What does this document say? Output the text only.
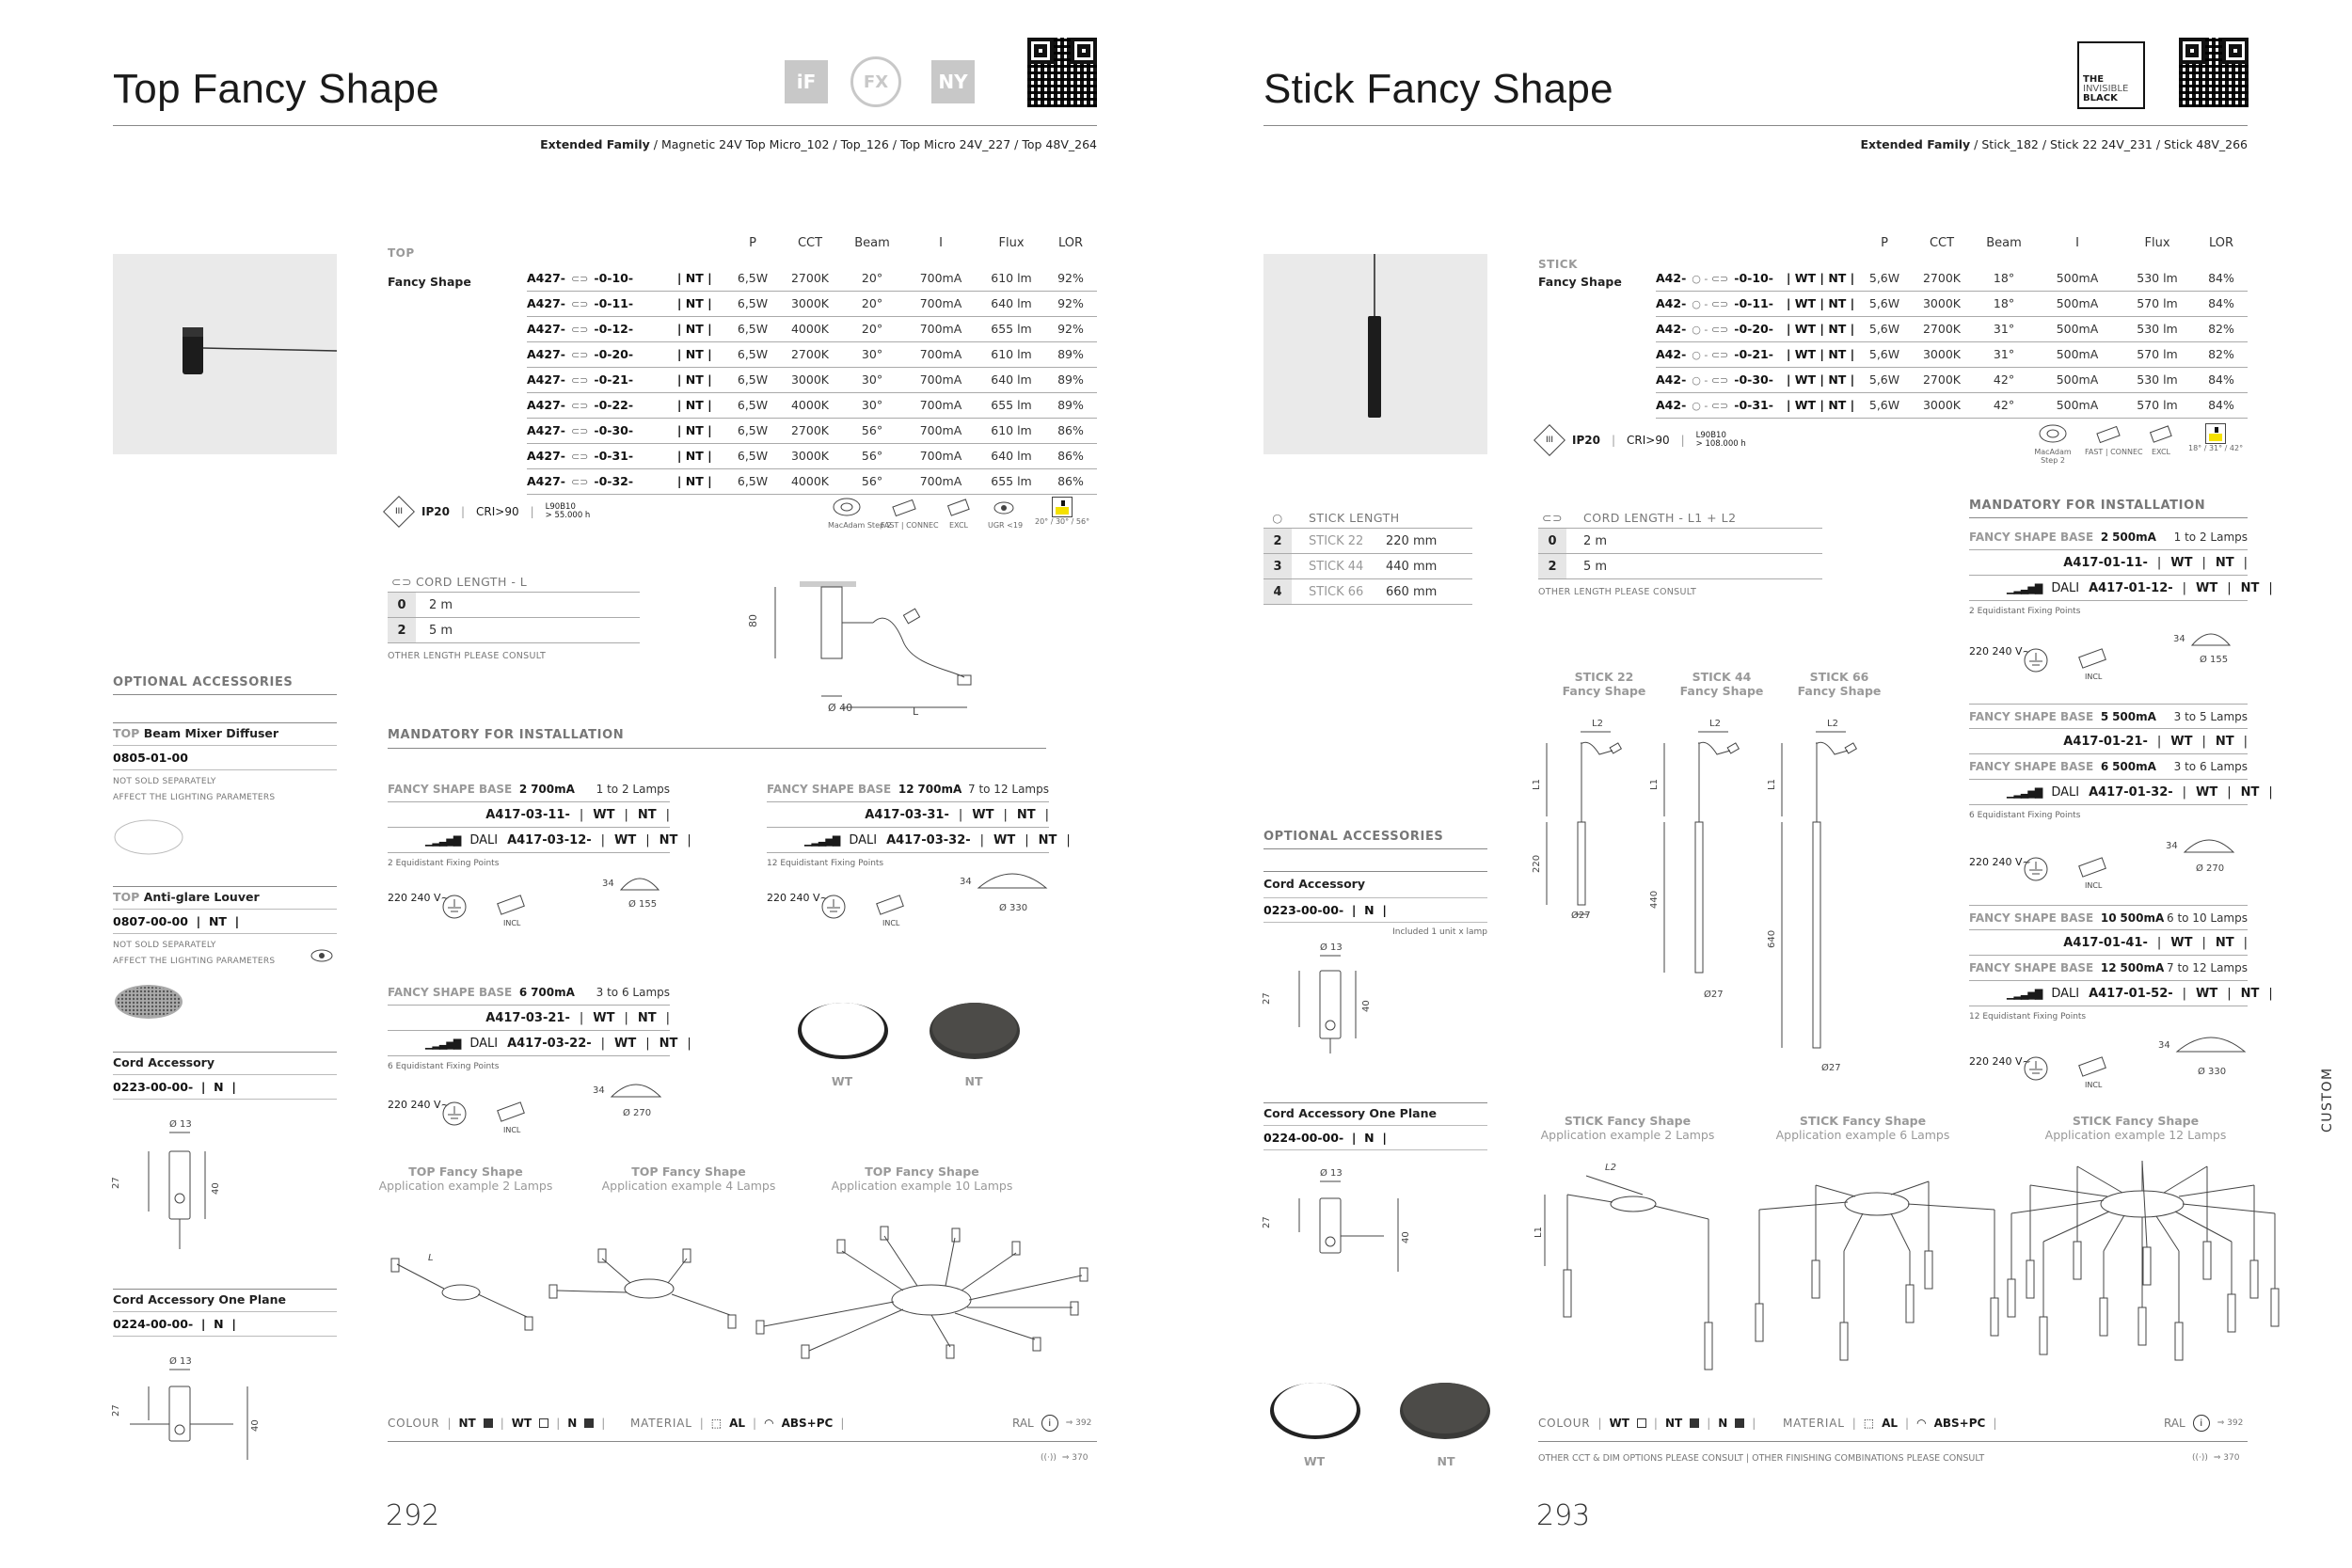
Top Fancy Shape	iF	FX	NY
Extended Family / Magnetic 24V Top Micro_102 / Top_126 / Top Micro 24V_227 / Top 48V_264
TOP
Fancy Shape
		P	CCT	Beam	I	Flux	LOR
A427- ⊂⊃ -0-10-	| NT |			6,5W	2700K	20°	700mA	610 lm	92%
A427- ⊂⊃ -0-11-	| NT |			6,5W	3000K	20°	700mA	640 lm	92%
A427- ⊂⊃ -0-12-	| NT |			6,5W	4000K	20°	700mA	655 lm	92%
A427- ⊂⊃ -0-20-	| NT |			6,5W	2700K	30°	700mA	610 lm	89%
A427- ⊂⊃ -0-21-	| NT |			6,5W	3000K	30°	700mA	640 lm	89%
A427- ⊂⊃ -0-22-	| NT |			6,5W	4000K	30°	700mA	655 lm	89%
A427- ⊂⊃ -0-30-	| NT |			6,5W	2700K	56°	700mA	610 lm	86%
A427- ⊂⊃ -0-31-	| NT |			6,5W	3000K	56°	700mA	640 lm	86%
A427- ⊂⊃ -0-32-	| NT |			6,5W	4000K	56°	700mA	655 lm	86%
III IP20 | CRI>90 | L90B10
> 55.000 h
MacAdam Step 2
FAST | CONNEC	EXCL	UGR <19 20° / 30° / 56°
⊂⊃ CORD LENGTH - L
0	2 m
2	5 m
OTHER LENGTH PLEASE CONSULT
80
Ø 40	L
MANDATORY FOR INSTALLATION
FANCY SHAPE BASE
2
700mA 1 to 2 Lamps
A417-03-11- | WT | NT |
▁▂▃▅▇ DALI A417-03-12- | WT | NT |
2 Equidistant Fixing Points
FANCY SHAPE BASE
12
700mA 7 to 12 Lamps
A417-03-31- | WT | NT |
▁▂▃▅▇ DALI A417-03-32- | WT | NT |
12 Equidistant Fixing Points
FANCY SHAPE BASE
6
700mA 3 to 6 Lamps
A417-03-21- | WT | NT |
▁▂▃▅▇ DALI A417-03-22- | WT | NT |
6 Equidistant Fixing Points
220 240 V~
INCL
34
Ø 155
220 240 V~
INCL
34
Ø 330
220 240 V~
INCL
34
Ø 270
WT	NT
TOP Fancy Shape
Application example 2 Lamps
TOP Fancy Shape
Application example 4 Lamps
TOP Fancy Shape
Application example 10 Lamps
L
COLOUR | NT | WT | N | MATERIAL | ⬚ AL | ◠ ABS+PC |	RAL	i	⇒ 392
((·)) ⇒ 370
292
OPTIONAL ACCESSORIES
TOP Beam Mixer Diffuser
0805-01-00
NOT SOLD SEPARATELY
AFFECT THE LIGHTING PARAMETERS
TOP Anti-glare Louver
0807-00-00  |  NT  |
NOT SOLD SEPARATELY
AFFECT THE LIGHTING PARAMETERS
Cord Accessory
0223-00-00-  |  N  |
Ø 13
27	40
Cord Accessory One Plane
0224-00-00-  |  N  |
Ø 13
27
40
Stick Fancy Shape	THE
INVISIBLE
BLACK
Extended Family / Stick_182 / Stick 22 24V_231 / Stick 48V_266
STICK
Fancy Shape
		P	CCT	Beam	I	Flux	LOR
A42- ○ - ⊂⊃ -0-10-	| WT | NT |			5,6W	2700K	18°	500mA	530 lm	84%
A42- ○ - ⊂⊃ -0-11-	| WT | NT |			5,6W	3000K	18°	500mA	570 lm	84%
A42- ○ - ⊂⊃ -0-20-	| WT | NT |			5,6W	2700K	31°	500mA	530 lm	82%
A42- ○ - ⊂⊃ -0-21-	| WT | NT |			5,6W	3000K	31°	500mA	570 lm	82%
A42- ○ - ⊂⊃ -0-30-	| WT | NT |			5,6W	2700K	42°	500mA	530 lm	84%
A42- ○ - ⊂⊃ -0-31-	| WT | NT |			5,6W	3000K	42°	500mA	570 lm	84%
III IP20 | CRI>90 | L90B10
> 108.000 h
MacAdam Step 2
FAST | CONNEC	EXCL	18° / 31° / 42°
○	STICK LENGTH
2	STICK 22	220 mm
3	STICK 44	440 mm
4	STICK 66	660 mm
⊂⊃	CORD LENGTH - L1 + L2
0	2 m
2	5 m
OTHER LENGTH PLEASE CONSULT
STICK 22
Fancy Shape
STICK 44
Fancy Shape
STICK 66
Fancy Shape
L2
L1
220
Ø27
L2
L1
440
Ø27
L2
L1
640
Ø27
MANDATORY FOR INSTALLATION
FANCY SHAPE BASE
2
500mA 1 to 2 Lamps
A417-01-11- | WT | NT |
▁▂▃▅▇ DALI A417-01-12- | WT | NT |
2 Equidistant Fixing Points
220 240 V~
INCL
34
Ø 155
FANCY SHAPE BASE
5
500mA 3 to 5 Lamps
A417-01-21- | WT | NT |
FANCY SHAPE BASE
6
500mA 3 to 6 Lamps
▁▂▃▅▇ DALI A417-01-32- | WT | NT |
6 Equidistant Fixing Points
220 240 V~
INCL
34
Ø 270
FANCY SHAPE BASE
10
500mA 6 to 10 Lamps
A417-01-41- | WT | NT |
FANCY SHAPE BASE
12
500mA 7 to 12 Lamps
▁▂▃▅▇ DALI A417-01-52- | WT | NT |
12 Equidistant Fixing Points
220 240 V~
INCL
34
Ø 330
OPTIONAL ACCESSORIES
Cord Accessory
0223-00-00-  |  N  |
Included 1 unit x lamp
Ø 13
27
40
Cord Accessory One Plane
0224-00-00-  |  N  |
Ø 13
27
40
WT	NT
STICK Fancy Shape
Application example 2 Lamps
STICK Fancy Shape
Application example 6 Lamps
STICK Fancy Shape
Application example 12 Lamps
L2
L1
COLOUR | WT | NT | N | MATERIAL | ⬚ AL | ◠ ABS+PC |	RAL	i	⇒ 392
OTHER CCT & DIM OPTIONS PLEASE CONSULT | OTHER FINISHING COMBINATIONS PLEASE CONSULT	((·)) ⇒ 370
293
CUSTOM
